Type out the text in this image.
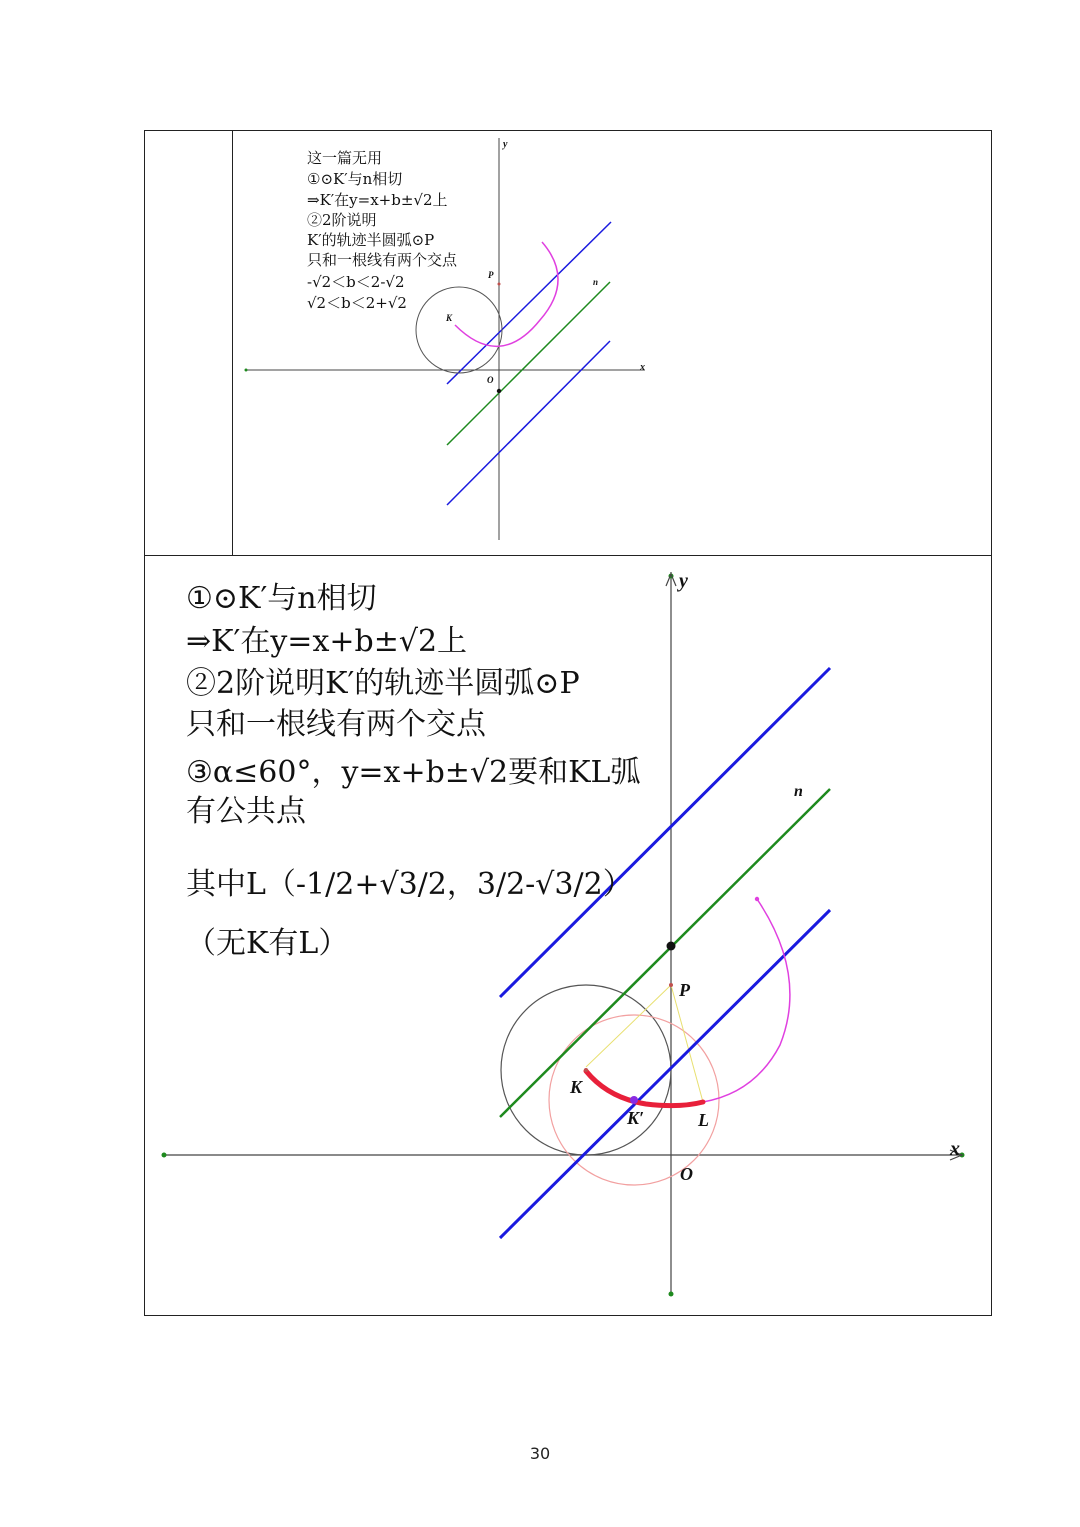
y
x
O
P
K
n
这一篇无用
①⊙K′与n相切
⇒K′在y=x+b±√2上
②2阶说明
K′的轨迹半圆弧⊙P
只和一根线有两个交点
-√2＜b＜2-√2
√2＜b＜2+√2
y
x
O
P
K
K′	L
n
①⊙K′与n相切
⇒K′在y=x+b±√2上
②2阶说明K′的轨迹半圆弧⊙P
只和一根线有两个交点
③α≤60°，y=x+b±√2要和KL弧
有公共点
其中L（-1/2+√3/2，3/2-√3/2）
（无K有L）
30
